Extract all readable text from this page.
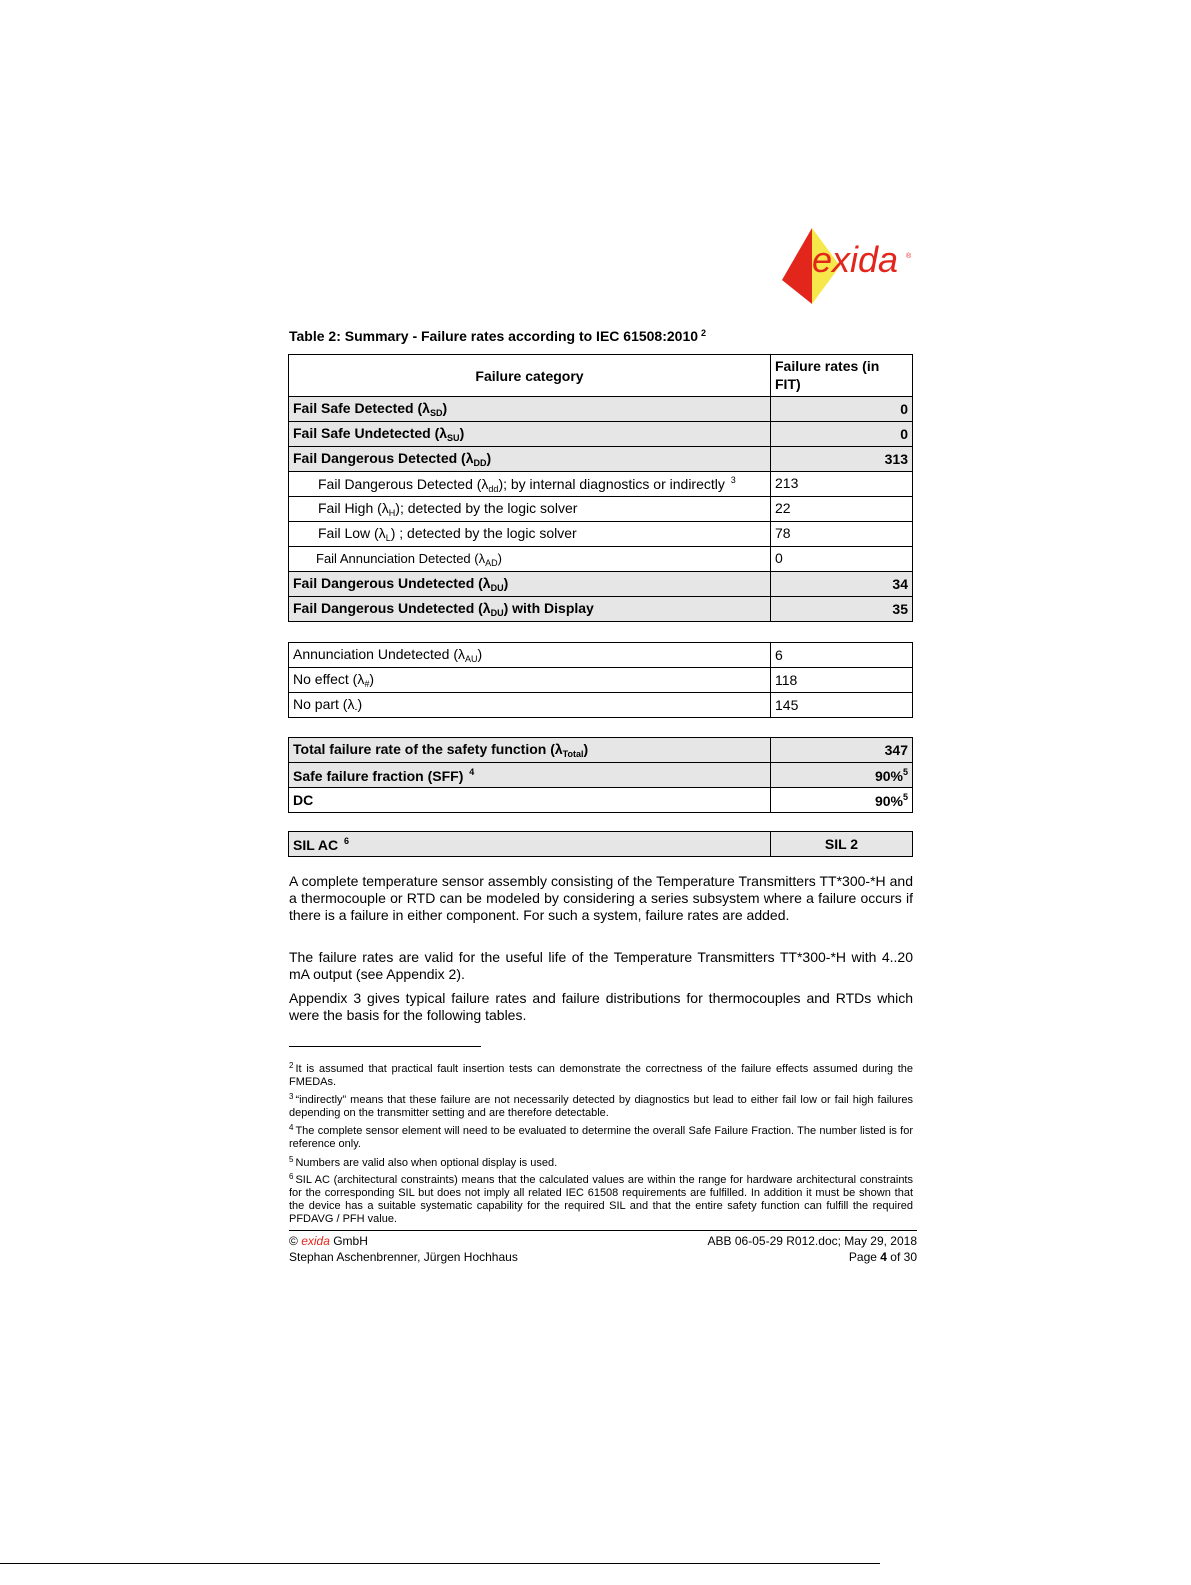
exida ®
Table 2: Summary - Failure rates according to IEC 61508:2010 $^2$
Failure category	Failure rates (in FIT)
Fail Safe Detected $(\lambda_{SD})$	0
Fail Safe Undetected $(\lambda_{SU})$	0
Fail Dangerous Detected $(\lambda_{DD})$	313
Fail Dangerous Detected $(\lambda_{dd})$; by internal diagnostics or indirectly $^3$	213
Fail High $(\lambda_H)$; detected by the logic solver	22
Fail Low $(\lambda_L)$ ; detected by the logic solver	78
Fail Annunciation Detected $(\lambda_{AD})$	0
Fail Dangerous Undetected $(\lambda_{DU})$	34
Fail Dangerous Undetected $(\lambda_{DU})$ with Display	35
Annunciation Undetected $(\lambda_{AU})$	6
No effect $(\lambda_{\#})$	118
No part $(\lambda_-)$	145
Total failure rate of the safety function $(\lambda_{Total})$	347
Safe failure fraction (SFF) $^4$	90%$^5$
DC	90%$^5$
SIL AC $^6$	SIL 2
A complete temperature sensor assembly consisting of the Temperature Transmitters TT*300-*H and a thermocouple or RTD can be modeled by considering a series subsystem where a failure occurs if there is a failure in either component. For such a system, failure rates are added.
The failure rates are valid for the useful life of the Temperature Transmitters TT*300-*H with 4..20 mA output (see Appendix 2).
Appendix 3 gives typical failure rates and failure distributions for thermocouples and RTDs which were the basis for the following tables.
$^2$ It is assumed that practical fault insertion tests can demonstrate the correctness of the failure effects assumed during the FMEDAs.
$^3$ “indirectly” means that these failure are not necessarily detected by diagnostics but lead to either fail low or fail high failures depending on the transmitter setting and are therefore detectable.
$^4$ The complete sensor element will need to be evaluated to determine the overall Safe Failure Fraction. The number listed is for reference only.
$^5$ Numbers are valid also when optional display is used.
$^6$ SIL AC (architectural constraints) means that the calculated values are within the range for hardware architectural constraints for the corresponding SIL but does not imply all related IEC 61508 requirements are fulfilled. In addition it must be shown that the device has a suitable systematic capability for the required SIL and that the entire safety function can fulfill the required PFDAVG / PFH value.
© exida GmbH
Stephan Aschenbrenner, Jürgen Hochhaus
ABB 06-05-29 R012.doc; May 29, 2018
Page 4 of 30
